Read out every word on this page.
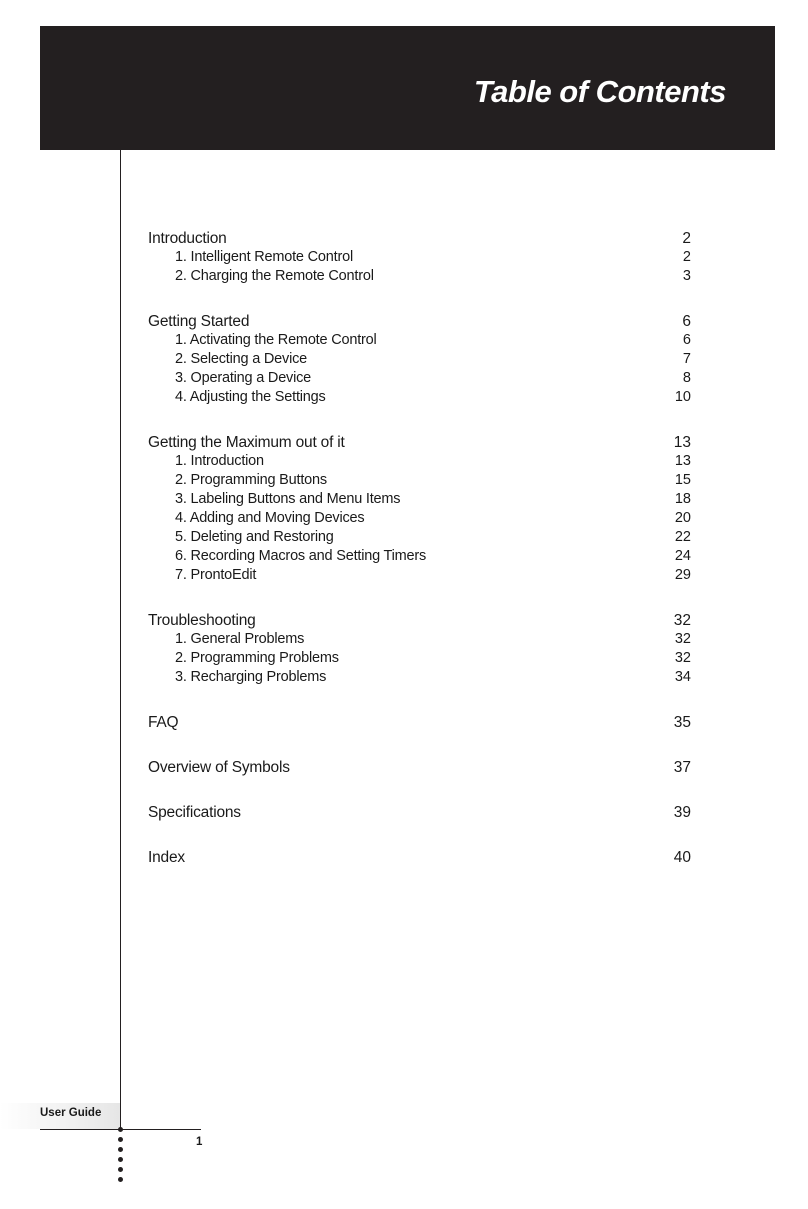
Table of Contents
Introduction	2
1. Intelligent Remote Control	2
2. Charging the Remote Control	3
Getting Started	6
1. Activating the Remote Control	6
2. Selecting a Device	7
3. Operating a Device	8
4. Adjusting the Settings	10
Getting the Maximum out of it	13
1. Introduction	13
2. Programming Buttons	15
3. Labeling Buttons and Menu Items	18
4. Adding and Moving Devices	20
5. Deleting and Restoring	22
6. Recording Macros and Setting Timers	24
7. ProntoEdit	29
Troubleshooting	32
1. General Problems	32
2. Programming Problems	32
3. Recharging Problems	34
FAQ	35
Overview of Symbols	37
Specifications	39
Index	40
User Guide
1
